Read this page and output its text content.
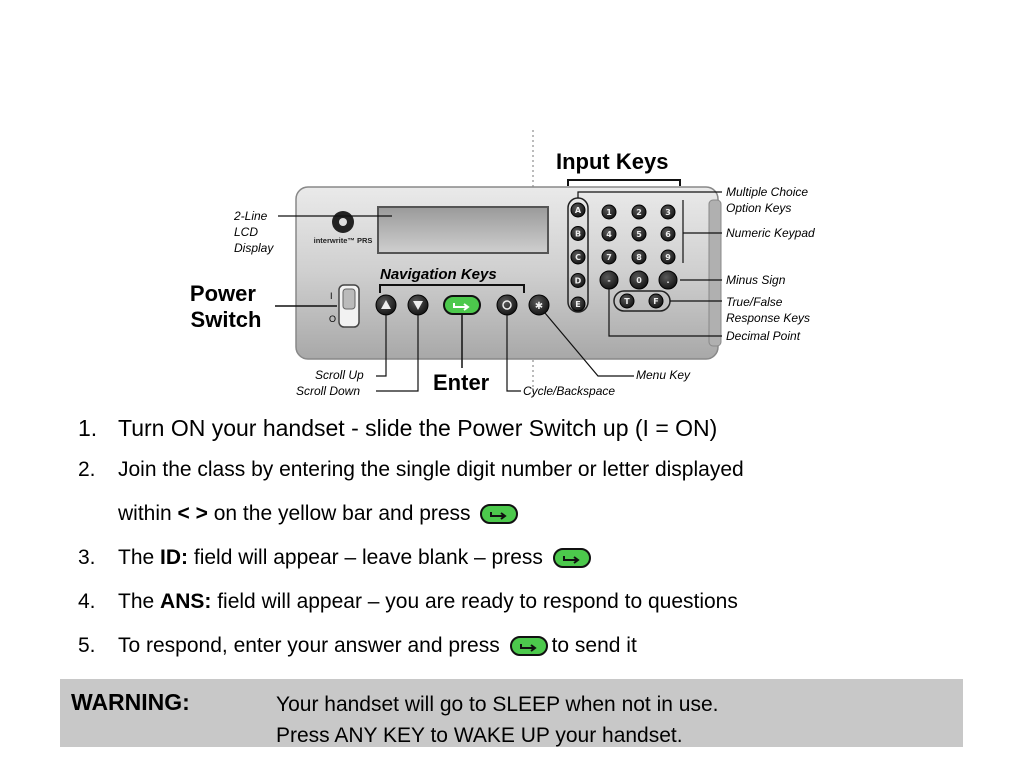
interwrite™ PRS
I
O
Navigation Keys
✱
A
B
C
D
E
1	2	3
4	5	6
7	8	9
-	0	.
T	F
Input Keys
Power Switch
Enter
2-Line LCD Display
Scroll Up
Scroll Down	Cycle/Backspace
Menu Key
Multiple Choice Option Keys
Numeric Keypad
Minus Sign
True/False Response Keys
Decimal Point
1. Turn ON your handset - slide the Power Switch up (I = ON)
2. Join the class by entering the single digit number or letter displayed
within < > on the yellow bar and press
3. The ID: field will appear – leave blank – press
4. The ANS: field will appear – you are ready to respond to questions
5. To respond, enter your answer and press to send it
WARNING:	Your handset will go to SLEEP when not in use.
Press ANY KEY to WAKE UP your handset.
